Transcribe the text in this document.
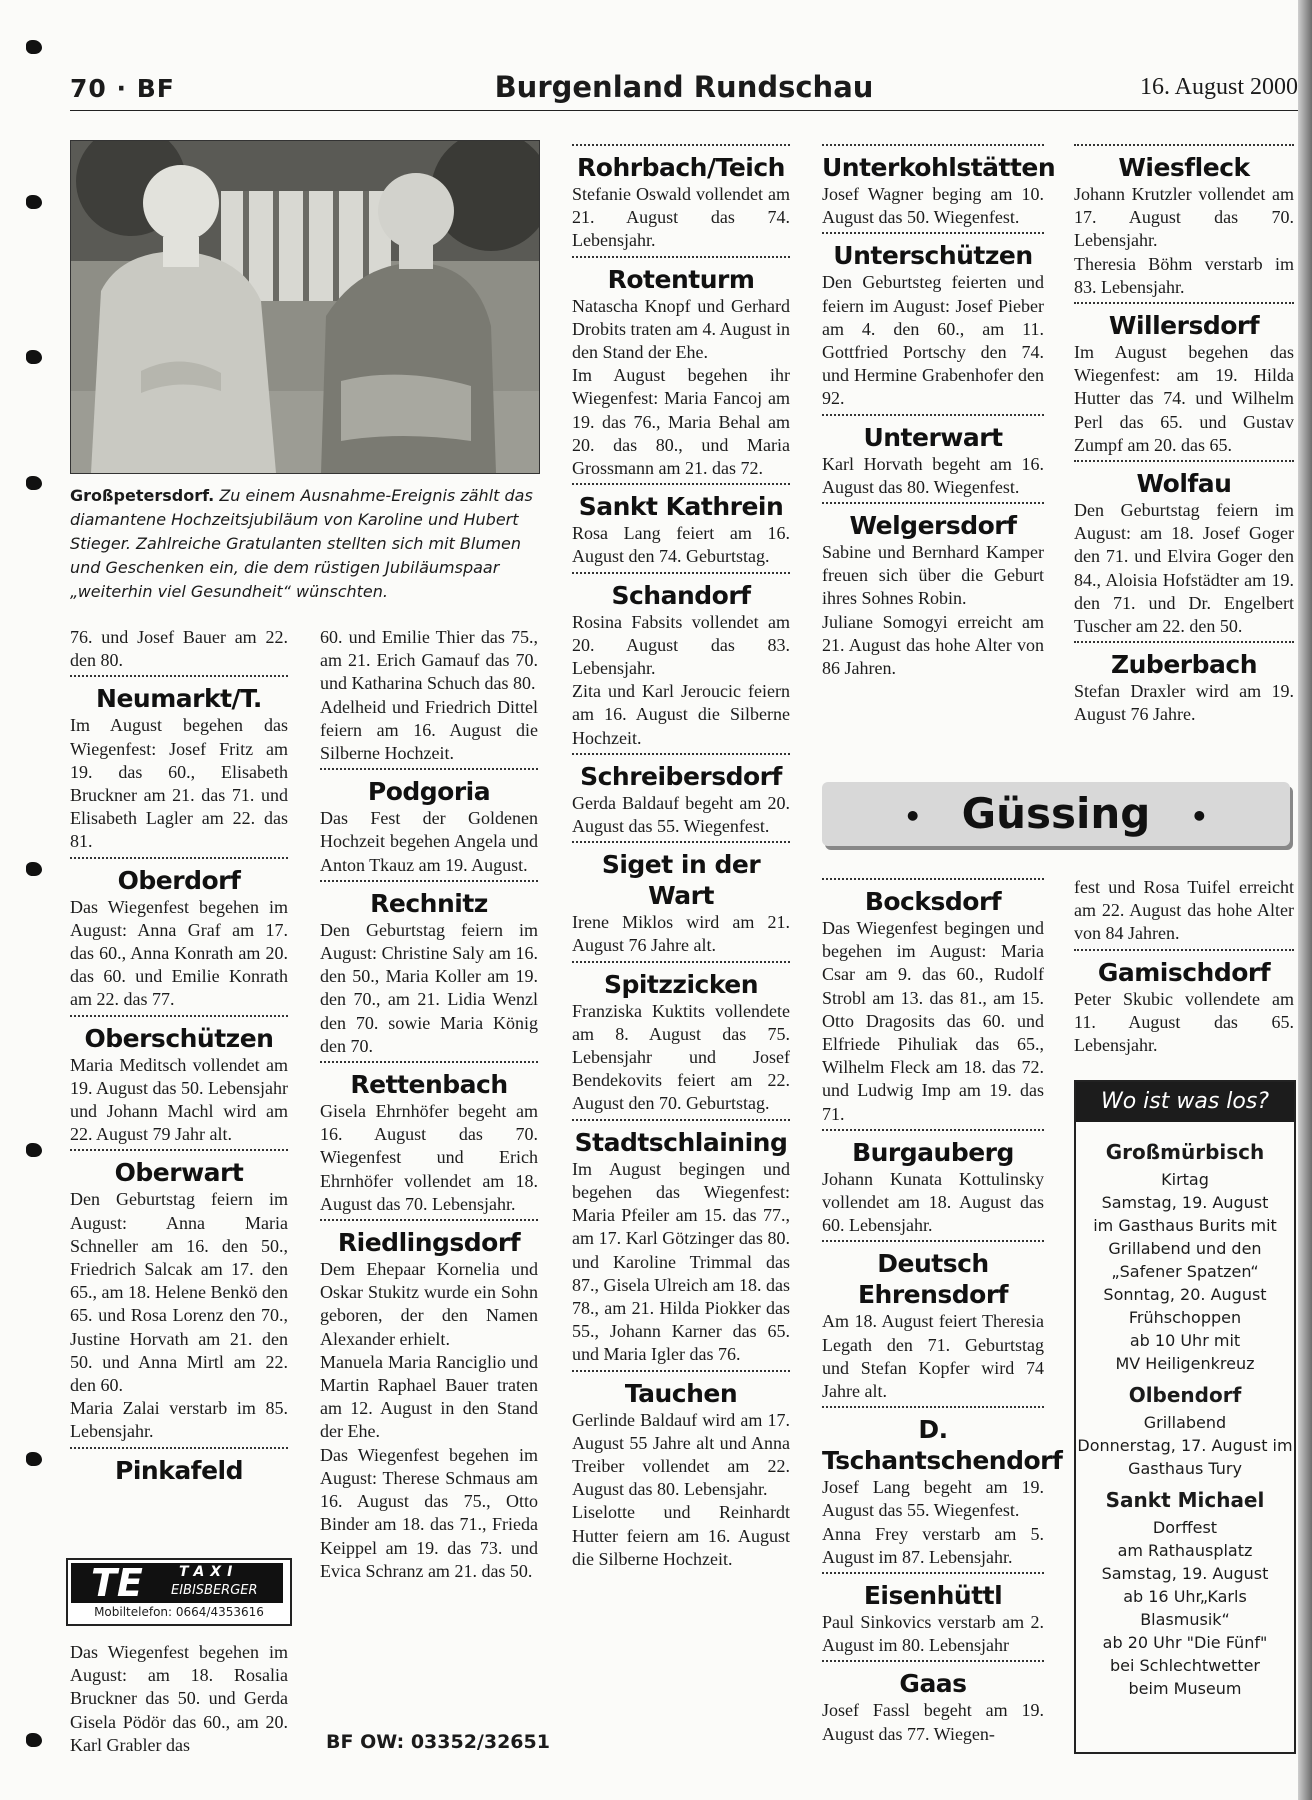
70 · BF	Burgenland Rundschau	16. August 2000
Großpetersdorf. Zu einem Ausnahme-Ereignis zählt das diamantene Hochzeitsjubiläum von Karoline und Hubert Stieger. Zahlreiche Gratulanten stellten sich mit Blumen und Geschenken ein, die dem rüstigen Jubiläumspaar „weiterhin viel Gesundheit“ wünschten.

76. und Josef Bauer am 22. den 80.

Neumarkt/T.

Im August begehen das Wiegenfest: Josef Fritz am 19. das 60., Elisabeth Bruckner am 21. das 71. und Elisabeth Lagler am 22. das 81.

Oberdorf

Das Wiegenfest begehen im August: Anna Graf am 17. das 60., Anna Konrath am 20. das 60. und Emilie Konrath am 22. das 77.

Oberschützen

Maria Meditsch vollendet am 19. August das 50. Lebensjahr und Johann Machl wird am 22. August 79 Jahr alt.

Oberwart

Den Geburtstag feiern im August: Anna Maria Schneller am 16. den 50., Friedrich Salcak am 17. den 65., am 18. Helene Benkö den 65. und Rosa Lorenz den 70., Justine Horvath am 21. den 50. und Anna Mirtl am 22. den 60.

Maria Zalai verstarb im 85. Lebensjahr.

Pinkafeld
TE	TAXI
EIBISBERGER
Mobiltelefon: 0664/4353616

Das Wiegenfest begehen im August: am 18. Rosalia Bruckner das 50. und Gerda Gisela Pödör das 60., am 20. Karl Grabler das

60. und Emilie Thier das 75., am 21. Erich Gamauf das 70. und Katharina Schuch das 80.

Adelheid und Friedrich Dittel feiern am 16. August die Silberne Hochzeit.

Podgoria

Das Fest der Goldenen Hochzeit begehen Angela und Anton Tkauz am 19. August.

Rechnitz

Den Geburtstag feiern im August: Christine Saly am 16. den 50., Maria Koller am 19. den 70., am 21. Lidia Wenzl den 70. sowie Maria König den 70.

Rettenbach

Gisela Ehrnhöfer begeht am 16. August das 70. Wiegenfest und Erich Ehrnhöfer vollendet am 18. August das 70. Lebensjahr.

Riedlingsdorf

Dem Ehepaar Kornelia und Oskar Stukitz wurde ein Sohn geboren, der den Namen Alexander erhielt.

Manuela Maria Ranciglio und Martin Raphael Bauer traten am 12. August in den Stand der Ehe.

Das Wiegenfest begehen im August: Therese Schmaus am 16. August das 75., Otto Binder am 18. das 71., Frieda Keippel am 19. das 73. und Evica Schranz am 21. das 50.

BF OW: 03352/32651
Rohrbach/Teich

Stefanie Oswald vollendet am 21. August das 74. Lebensjahr.

Rotenturm

Natascha Knopf und Gerhard Drobits traten am 4. August in den Stand der Ehe.

Im August begehen ihr Wiegenfest: Maria Fancoj am 19. das 76., Maria Behal am 20. das 80., und Maria Grossmann am 21. das 72.

Sankt Kathrein

Rosa Lang feiert am 16. August den 74. Geburtstag.

Schandorf

Rosina Fabsits vollendet am 20. August das 83. Lebensjahr.

Zita und Karl Jeroucic feiern am 16. August die Silberne Hochzeit.

Schreibersdorf

Gerda Baldauf begeht am 20. August das 55. Wiegenfest.

Siget in der Wart

Irene Miklos wird am 21. August 76 Jahre alt.

Spitzzicken

Franziska Kuktits vollendete am 8. August das 75. Lebensjahr und Josef Bendekovits feiert am 22. August den 70. Geburtstag.

Stadtschlaining

Im August begingen und begehen das Wiegenfest: Maria Pfeiler am 15. das 77., am 17. Karl Götzinger das 80. und Karoline Trimmal das 87., Gisela Ulreich am 18. das 78., am 21. Hilda Piokker das 55., Johann Karner das 65. und Maria Igler das 76.

Tauchen

Gerlinde Baldauf wird am 17. August 55 Jahre alt und Anna Treiber vollendet am 22. August das 80. Lebensjahr.

Liselotte und Reinhardt Hutter feiern am 16. August die Silberne Hochzeit.

Unterkohlstätten

Josef Wagner beging am 10. August das 50. Wiegenfest.

Unterschützen

Den Geburtsteg feierten und feiern im August: Josef Pieber am 4. den 60., am 11. Gottfried Portschy den 74. und Hermine Grabenhofer den 92.

Unterwart

Karl Horvath begeht am 16. August das 80. Wiegenfest.

Welgersdorf

Sabine und Bernhard Kamper freuen sich über die Geburt ihres Sohnes Robin.

Juliane Somogyi erreicht am 21. August das hohe Alter von 86 Jahren.

Wiesfleck

Johann Krutzler vollendet am 17. August das 70. Lebensjahr.

Theresia Böhm verstarb im 83. Lebensjahr.

Willersdorf

Im August begehen das Wiegenfest: am 19. Hilda Hutter das 74. und Wilhelm Perl das 65. und Gustav Zumpf am 20. das 65.

Wolfau

Den Geburtstag feiern im August: am 18. Josef Goger den 71. und Elvira Goger den 84., Aloisia Hofstädter am 19. den 71. und Dr. Engelbert Tuscher am 22. den 50.

Zuberbach

Stefan Draxler wird am 19. August 76 Jahre.

• Güssing •
Bocksdorf

Das Wiegenfest begingen und begehen im August: Maria Csar am 9. das 60., Rudolf Strobl am 13. das 81., am 15. Otto Dragosits das 60. und Elfriede Pihuliak das 65., Wilhelm Fleck am 18. das 72. und Ludwig Imp am 19. das 71.

Burgauberg

Johann Kunata Kottulinsky vollendet am 18. August das 60. Lebensjahr.

Deutsch Ehrensdorf

Am 18. August feiert Theresia Legath den 71. Geburtstag und Stefan Kopfer wird 74 Jahre alt.

D. Tschantschendorf

Josef Lang begeht am 19. August das 55. Wiegenfest.

Anna Frey verstarb am 5. August im 87. Lebensjahr.

Eisenhüttl

Paul Sinkovics verstarb am 2. August im 80. Lebensjahr

Gaas

Josef Fassl begeht am 19. August das 77. Wiegen-

fest und Rosa Tuifel erreicht am 22. August das hohe Alter von 84 Jahren.

Gamischdorf

Peter Skubic vollendete am 11. August das 65. Lebensjahr.

Wo ist was los?
Großmürbisch
Kirtag
Samstag, 19. August
im Gasthaus Burits mit
Grillabend und den
„Safener Spatzen“
Sonntag, 20. August
Frühschoppen
ab 10 Uhr mit
MV Heiligenkreuz
Olbendorf
Grillabend
Donnerstag, 17. August im Gasthaus Tury
Sankt Michael
Dorffest
am Rathausplatz
Samstag, 19. August
ab 16 Uhr„Karls Blasmusik“
ab 20 Uhr "Die Fünf"
bei Schlechtwetter
beim Museum
